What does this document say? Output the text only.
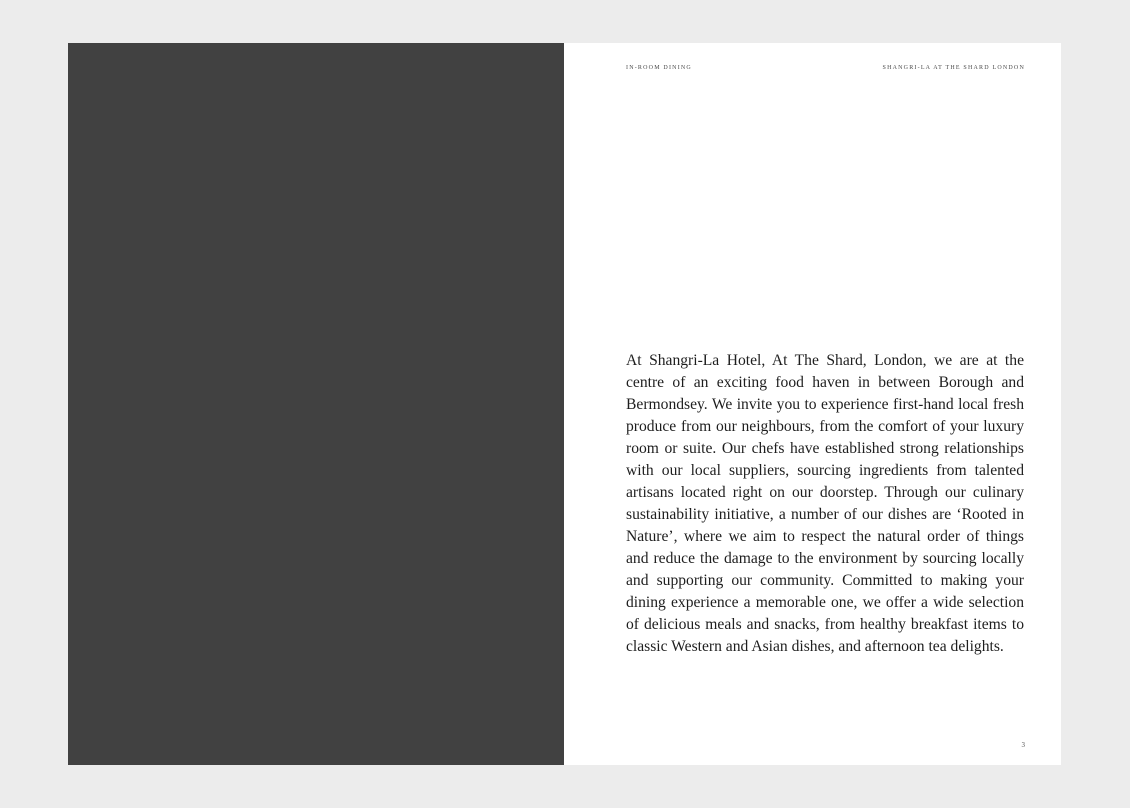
IN-ROOM DINING	SHANGRI-LA AT THE SHARD LONDON

At Shangri-La Hotel, At The Shard, London, we are at the centre of an exciting food haven in between Borough and Bermondsey. We invite you to experience first-hand local fresh produce from our neighbours, from the comfort of your luxury room or suite. Our chefs have established strong relationships with our local suppliers, sourcing ingredients from talented artisans located right on our doorstep. Through our culinary sustainability initiative, a number of our dishes are ‘Rooted in Nature’, where we aim to respect the natural order of things and reduce the damage to the environment by sourcing locally and supporting our community. Committed to making your dining experience a memorable one, we offer a wide selection of delicious meals and snacks, from healthy breakfast items to classic Western and Asian dishes, and afternoon tea delights.

3
